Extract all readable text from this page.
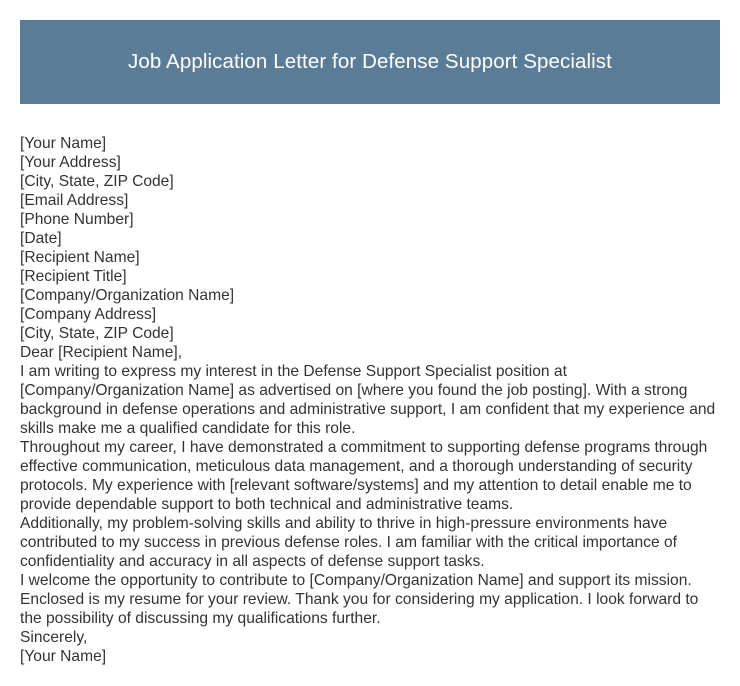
Job Application Letter for Defense Support Specialist
[Your Name]
[Your Address]
[City, State, ZIP Code]
[Email Address]
[Phone Number]
[Date]
[Recipient Name]
[Recipient Title]
[Company/Organization Name]
[Company Address]
[City, State, ZIP Code]
Dear [Recipient Name],

I am writing to express my interest in the Defense Support Specialist position at [Company/Organization Name] as advertised on [where you found the job posting]. With a strong background in defense operations and administrative support, I am confident that my experience and skills make me a qualified candidate for this role.

Throughout my career, I have demonstrated a commitment to supporting defense programs through effective communication, meticulous data management, and a thorough understanding of security protocols. My experience with [relevant software/systems] and my attention to detail enable me to provide dependable support to both technical and administrative teams.

Additionally, my problem-solving skills and ability to thrive in high-pressure environments have contributed to my success in previous defense roles. I am familiar with the critical importance of confidentiality and accuracy in all aspects of defense support tasks.

I welcome the opportunity to contribute to [Company/Organization Name] and support its mission. Enclosed is my resume for your review. Thank you for considering my application. I look forward to the possibility of discussing my qualifications further.

Sincerely,
[Your Name]
